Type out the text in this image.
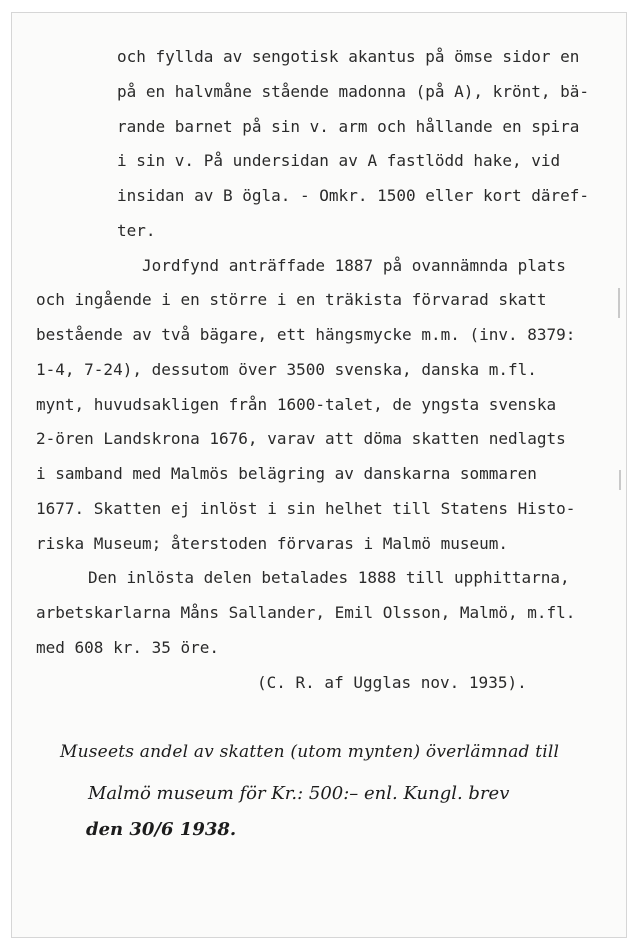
och fyllda av sengotisk akantus på ömse sidor en
på en halvmåne stående madonna (på A), krönt, bä-
rande barnet på sin v. arm och hållande en spira
i sin v. På undersidan av A fastlödd hake, vid
insidan av B ögla. - Omkr. 1500 eller kort däref-
ter.
Jordfynd anträffade 1887 på ovannämnda plats
och ingående i en större i en träkista förvarad skatt
bestående av två bägare, ett hängsmycke m.m. (inv. 8379:
1-4, 7-24), dessutom över 3500 svenska, danska m.fl.
mynt, huvudsakligen från 1600-talet, de yngsta svenska
2-ören Landskrona 1676, varav att döma skatten nedlagts
i samband med Malmös belägring av danskarna sommaren
1677. Skatten ej inlöst i sin helhet till Statens Histo-
riska Museum; återstoden förvaras i Malmö museum.
Den inlösta delen betalades 1888 till upphittarna,
arbetskarlarna Måns Sallander, Emil Olsson, Malmö, m.fl.
med 608 kr. 35 öre.
(C. R. af Ugglas nov. 1935).
Museets andel av skatten (utom mynten) överlämnad till
Malmö museum för Kr.: 500:– enl. Kungl. brev
den 30/6 1938.
